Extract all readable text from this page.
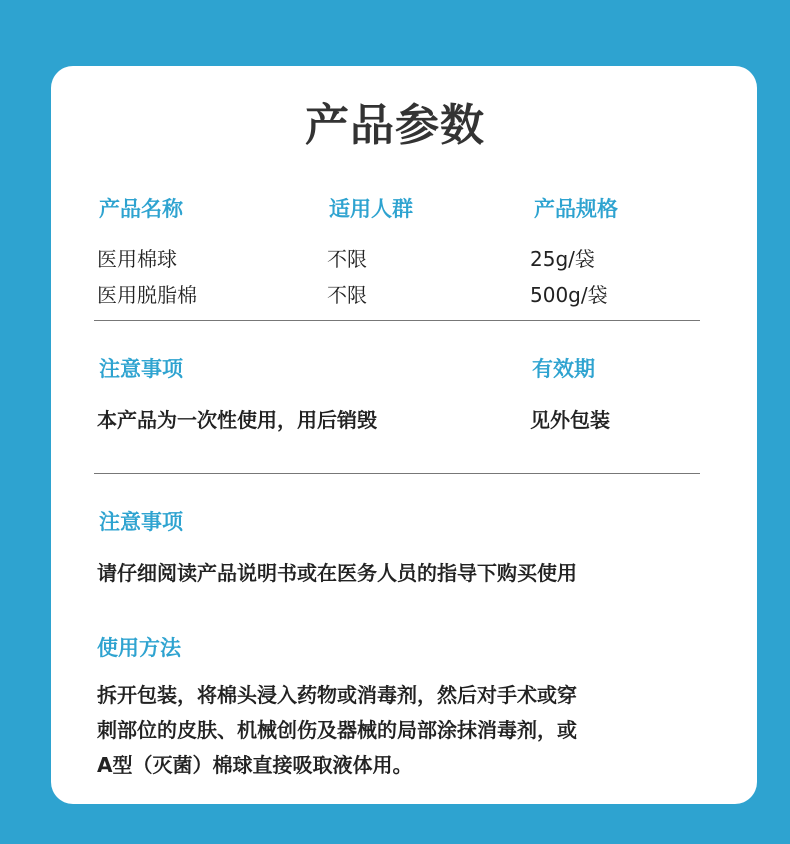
产品参数
产品名称	适用人群	产品规格
医用棉球	不限	25g/袋
医用脱脂棉	不限	500g/袋
注意事项	有效期
本产品为一次性使用，用后销毁	见外包装
注意事项
请仔细阅读产品说明书或在医务人员的指导下购买使用
使用方法
拆开包装，将棉头浸入药物或消毒剂，然后对手术或穿
刺部位的皮肤、机械创伤及器械的局部涂抹消毒剂，或
A型（灭菌）棉球直接吸取液体用。
